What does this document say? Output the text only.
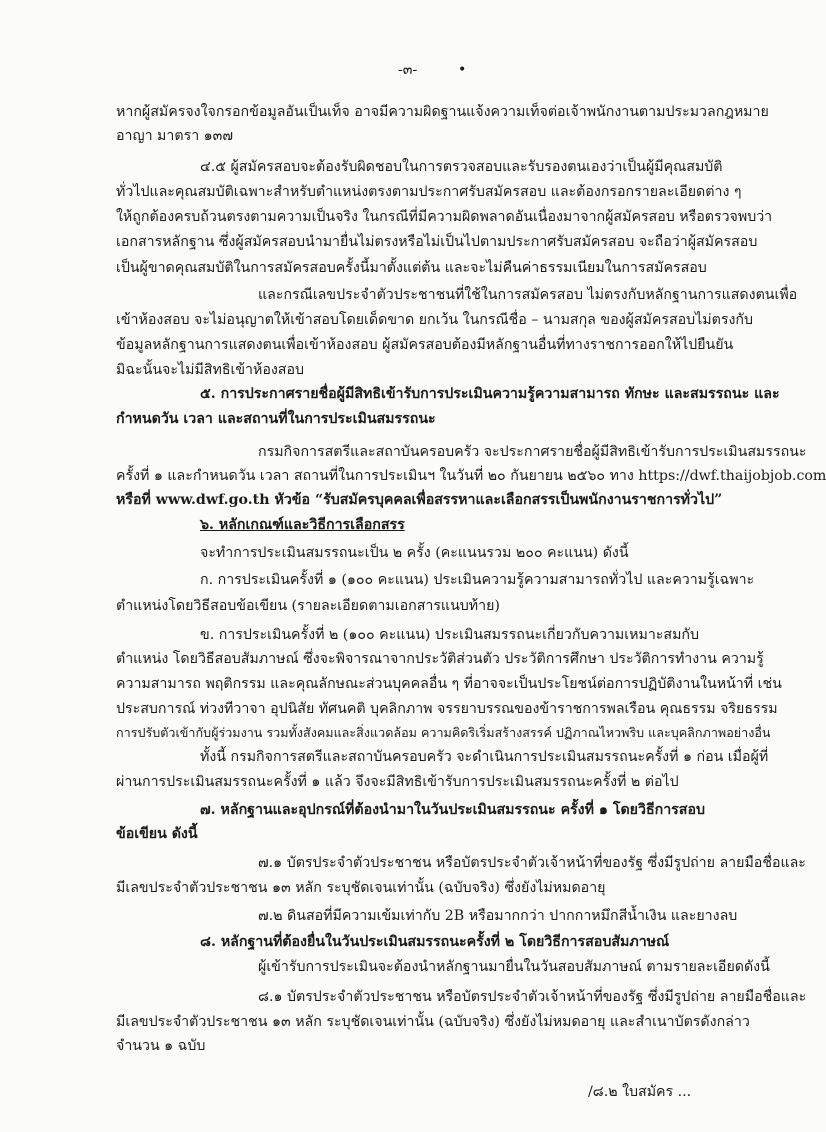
-๓-	•
หากผู้สมัครจงใจกรอกข้อมูลอันเป็นเท็จ อาจมีความผิดฐานแจ้งความเท็จต่อเจ้าพนักงานตามประมวลกฎหมาย
อาญา มาตรา ๑๓๗
๔.๕ ผู้สมัครสอบจะต้องรับผิดชอบในการตรวจสอบและรับรองตนเองว่าเป็นผู้มีคุณสมบัติ
ทั่วไปและคุณสมบัติเฉพาะสำหรับตำแหน่งตรงตามประกาศรับสมัครสอบ และต้องกรอกรายละเอียดต่าง ๆ
ให้ถูกต้องครบถ้วนตรงตามความเป็นจริง ในกรณีที่มีความผิดพลาดอันเนื่องมาจากผู้สมัครสอบ หรือตรวจพบว่า
เอกสารหลักฐาน ซึ่งผู้สมัครสอบนำมายื่นไม่ตรงหรือไม่เป็นไปตามประกาศรับสมัครสอบ จะถือว่าผู้สมัครสอบ
เป็นผู้ขาดคุณสมบัติในการสมัครสอบครั้งนี้มาตั้งแต่ต้น และจะไม่คืนค่าธรรมเนียมในการสมัครสอบ
และกรณีเลขประจำตัวประชาชนที่ใช้ในการสมัครสอบ ไม่ตรงกับหลักฐานการแสดงตนเพื่อ
เข้าห้องสอบ จะไม่อนุญาตให้เข้าสอบโดยเด็ดขาด ยกเว้น ในกรณีชื่อ – นามสกุล ของผู้สมัครสอบไม่ตรงกับ
ข้อมูลหลักฐานการแสดงตนเพื่อเข้าห้องสอบ ผู้สมัครสอบต้องมีหลักฐานอื่นที่ทางราชการออกให้ไปยืนยัน
มิฉะนั้นจะไม่มีสิทธิเข้าห้องสอบ
๕. การประกาศรายชื่อผู้มีสิทธิเข้ารับการประเมินความรู้ความสามารถ ทักษะ และสมรรถนะ และ
กำหนดวัน เวลา และสถานที่ในการประเมินสมรรถนะ
กรมกิจการสตรีและสถาบันครอบครัว จะประกาศรายชื่อผู้มีสิทธิเข้ารับการประเมินสมรรถนะ
ครั้งที่ ๑ และกำหนดวัน เวลา สถานที่ในการประเมินฯ ในวันที่ ๒๐ กันยายน ๒๕๖๐ ทาง https://dwf.thaijobjob.com
หรือที่ www.dwf.go.th หัวข้อ “รับสมัครบุคคลเพื่อสรรหาและเลือกสรรเป็นพนักงานราชการทั่วไป”
๖. หลักเกณฑ์และวิธีการเลือกสรร
จะทำการประเมินสมรรถนะเป็น ๒ ครั้ง (คะแนนรวม ๒๐๐ คะแนน) ดังนี้
ก. การประเมินครั้งที่ ๑ (๑๐๐ คะแนน) ประเมินความรู้ความสามารถทั่วไป และความรู้เฉพาะ
ตำแหน่งโดยวิธีสอบข้อเขียน (รายละเอียดตามเอกสารแนบท้าย)
ข. การประเมินครั้งที่ ๒ (๑๐๐ คะแนน) ประเมินสมรรถนะเกี่ยวกับความเหมาะสมกับ
ตำแหน่ง โดยวิธีสอบสัมภาษณ์ ซึ่งจะพิจารณาจากประวัติส่วนตัว ประวัติการศึกษา ประวัติการทำงาน ความรู้
ความสามารถ พฤติกรรม และคุณลักษณะส่วนบุคคลอื่น ๆ ที่อาจจะเป็นประโยชน์ต่อการปฏิบัติงานในหน้าที่ เช่น
ประสบการณ์ ท่วงทีวาจา อุปนิสัย ทัศนคติ บุคลิกภาพ จรรยาบรรณของข้าราชการพลเรือน คุณธรรม จริยธรรม
การปรับตัวเข้ากับผู้ร่วมงาน รวมทั้งสังคมและสิ่งแวดล้อม ความคิดริเริ่มสร้างสรรค์ ปฏิภาณไหวพริบ และบุคลิกภาพอย่างอื่น
ทั้งนี้ กรมกิจการสตรีและสถาบันครอบครัว จะดำเนินการประเมินสมรรถนะครั้งที่ ๑ ก่อน เมื่อผู้ที่
ผ่านการประเมินสมรรถนะครั้งที่ ๑ แล้ว จึงจะมีสิทธิเข้ารับการประเมินสมรรถนะครั้งที่ ๒ ต่อไป
๗. หลักฐานและอุปกรณ์ที่ต้องนำมาในวันประเมินสมรรถนะ ครั้งที่ ๑ โดยวิธีการสอบ
ข้อเขียน ดังนี้
๗.๑ บัตรประจำตัวประชาชน หรือบัตรประจำตัวเจ้าหน้าที่ของรัฐ ซึ่งมีรูปถ่าย ลายมือชื่อและ
มีเลขประจำตัวประชาชน ๑๓ หลัก ระบุชัดเจนเท่านั้น (ฉบับจริง) ซึ่งยังไม่หมดอายุ
๗.๒ ดินสอที่มีความเข้มเท่ากับ 2B หรือมากกว่า ปากกาหมึกสีน้ำเงิน และยางลบ
๘. หลักฐานที่ต้องยื่นในวันประเมินสมรรถนะครั้งที่ ๒ โดยวิธีการสอบสัมภาษณ์
ผู้เข้ารับการประเมินจะต้องนำหลักฐานมายื่นในวันสอบสัมภาษณ์ ตามรายละเอียดดังนี้
๘.๑ บัตรประจำตัวประชาชน หรือบัตรประจำตัวเจ้าหน้าที่ของรัฐ ซึ่งมีรูปถ่าย ลายมือชื่อและ
มีเลขประจำตัวประชาชน ๑๓ หลัก ระบุชัดเจนเท่านั้น (ฉบับจริง) ซึ่งยังไม่หมดอายุ และสำเนาบัตรดังกล่าว
จำนวน ๑ ฉบับ
/๘.๒ ใบสมัคร ...
